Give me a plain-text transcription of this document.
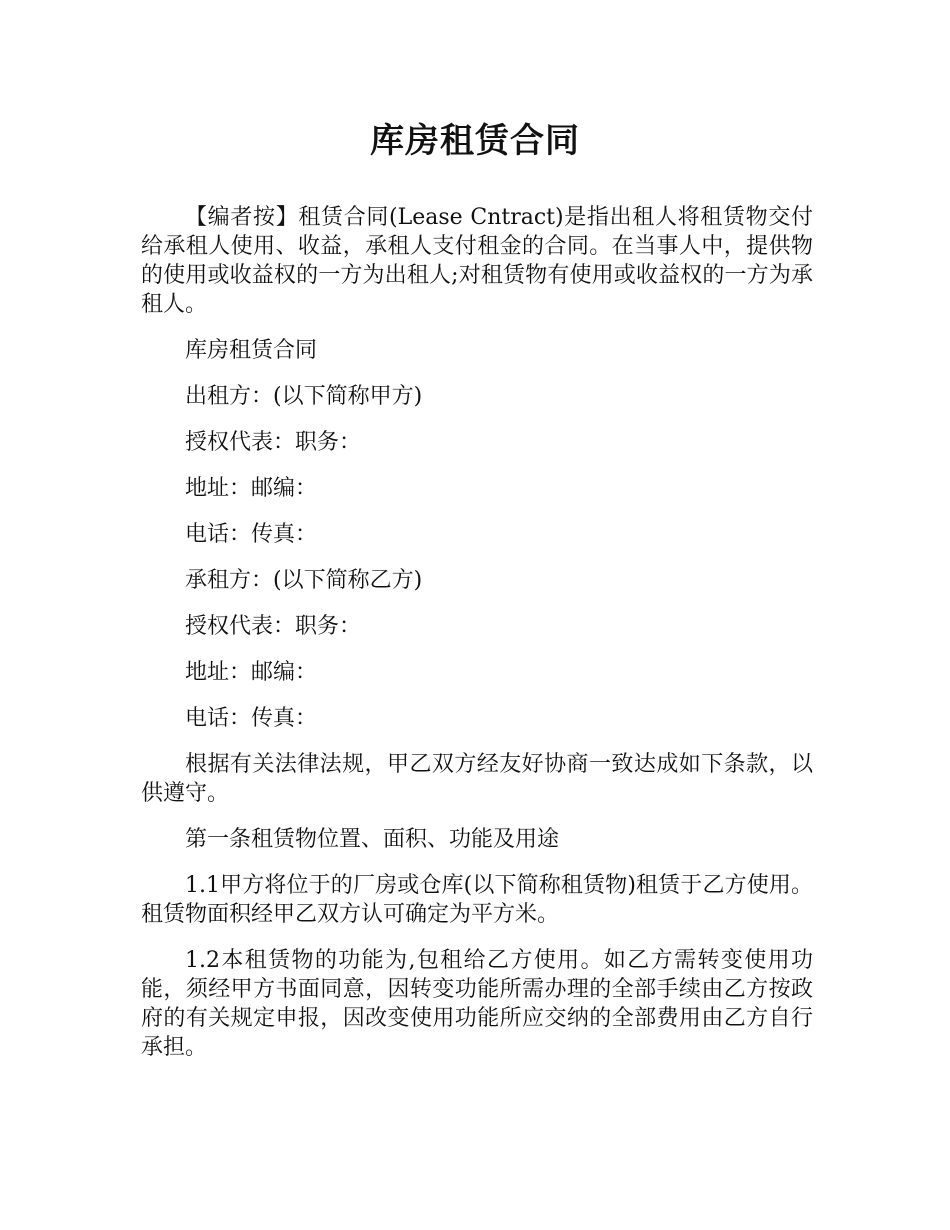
库房租赁合同

【编者按】租赁合同(Lease Cntract)是指出租人将租赁物交付给承租人使用、收益，承租人支付租金的合同。在当事人中，提供物的使用或收益权的一方为出租人;对租赁物有使用或收益权的一方为承租人。

库房租赁合同

出租方：(以下简称甲方)

授权代表：职务：

地址：邮编：

电话：传真：

承租方：(以下简称乙方)

授权代表：职务：

地址：邮编：

电话：传真：

根据有关法律法规，甲乙双方经友好协商一致达成如下条款，以供遵守。

第一条租赁物位置、面积、功能及用途

1.1甲方将位于的厂房或仓库(以下简称租赁物)租赁于乙方使用。租赁物面积经甲乙双方认可确定为平方米。

1.2本租赁物的功能为,包租给乙方使用。如乙方需转变使用功能，须经甲方书面同意，因转变功能所需办理的全部手续由乙方按政府的有关规定申报，因改变使用功能所应交纳的全部费用由乙方自行承担。
